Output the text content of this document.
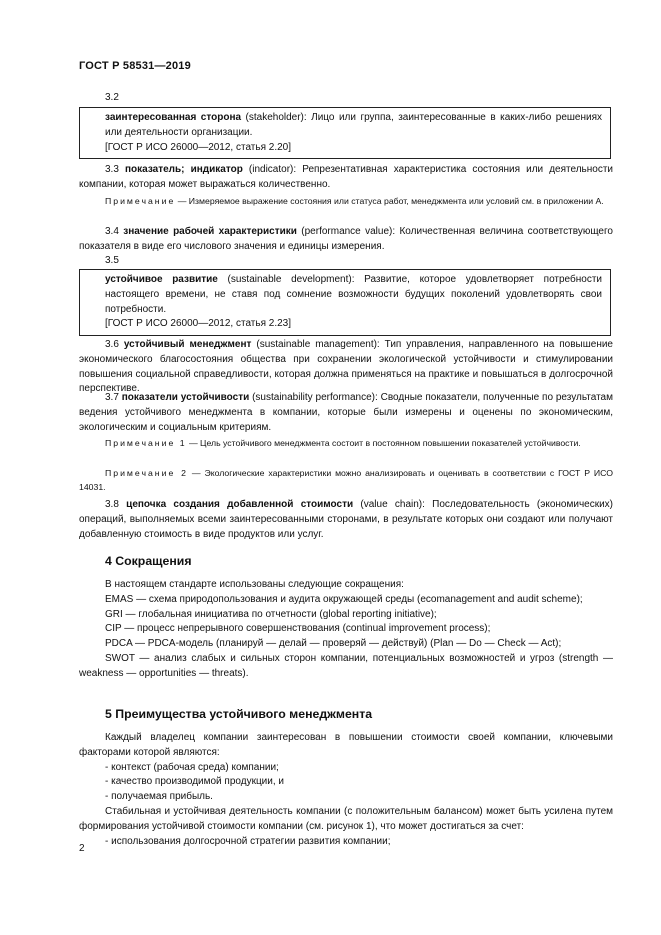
ГОСТ Р 58531—2019
3.2

заинтересованная сторона (stakeholder): Лицо или группа, заинтересованные в каких-либо решениях или деятельности организации.

[ГОСТ Р ИСО 26000—2012, статья 2.20]

3.3 показатель; индикатор (indicator): Репрезентативная характеристика состояния или деятельности компании, которая может выражаться количественно.
Примечание — Измеряемое выражение состояния или статуса работ, менеджмента или условий см. в приложении А.
3.4 значение рабочей характеристики (performance value): Количественная величина соответствующего показателя в виде его числового значения и единицы измерения.
3.5

устойчивое развитие (sustainable development): Развитие, которое удовлетворяет потребности настоящего времени, не ставя под сомнение возможности будущих поколений удовлетворять свои потребности.

[ГОСТ Р ИСО 26000—2012, статья 2.23]

3.6 устойчивый менеджмент (sustainable management): Тип управления, направленного на повышение экономического благосостояния общества при сохранении экологической устойчивости и стимулировании повышения социальной справедливости, которая должна применяться на практике и повышаться в долгосрочной перспективе.
3.7 показатели устойчивости (sustainability performance): Сводные показатели, полученные по результатам ведения устойчивого менеджмента в компании, которые были измерены и оценены по экономическим, экологическим и социальным критериям.
Примечание 1 — Цель устойчивого менеджмента состоит в постоянном повышении показателей устойчивости.
Примечание 2 — Экологические характеристики можно анализировать и оценивать в соответствии с ГОСТ Р ИСО 14031.
3.8 цепочка создания добавленной стоимости (value chain): Последовательность (экономических) операций, выполняемых всеми заинтересованными сторонами, в результате которых они создают или получают добавленную стоимость в виде продуктов или услуг.
4 Сокращения

В настоящем стандарте использованы следующие сокращения:

EMAS — схема природопользования и аудита окружающей среды (ecomanagement and audit scheme);

GRI — глобальная инициатива по отчетности (global reporting initiative);

CIP — процесс непрерывного совершенствования (continual improvement process);

PDCA — PDCA-модель (планируй — делай — проверяй — действуй) (Plan — Do — Check — Act);

SWOT — анализ слабых и сильных сторон компании, потенциальных возможностей и угроз (strength — weakness — opportunities — threats).

5 Преимущества устойчивого менеджмента

Каждый владелец компании заинтересован в повышении стоимости своей компании, ключевыми факторами которой являются:

- контекст (рабочая среда) компании;

- качество производимой продукции, и

- получаемая прибыль.

Стабильная и устойчивая деятельность компании (с положительным балансом) может быть усилена путем формирования устойчивой стоимости компании (см. рисунок 1), что может достигаться за счет:

- использования долгосрочной стратегии развития компании;

2
